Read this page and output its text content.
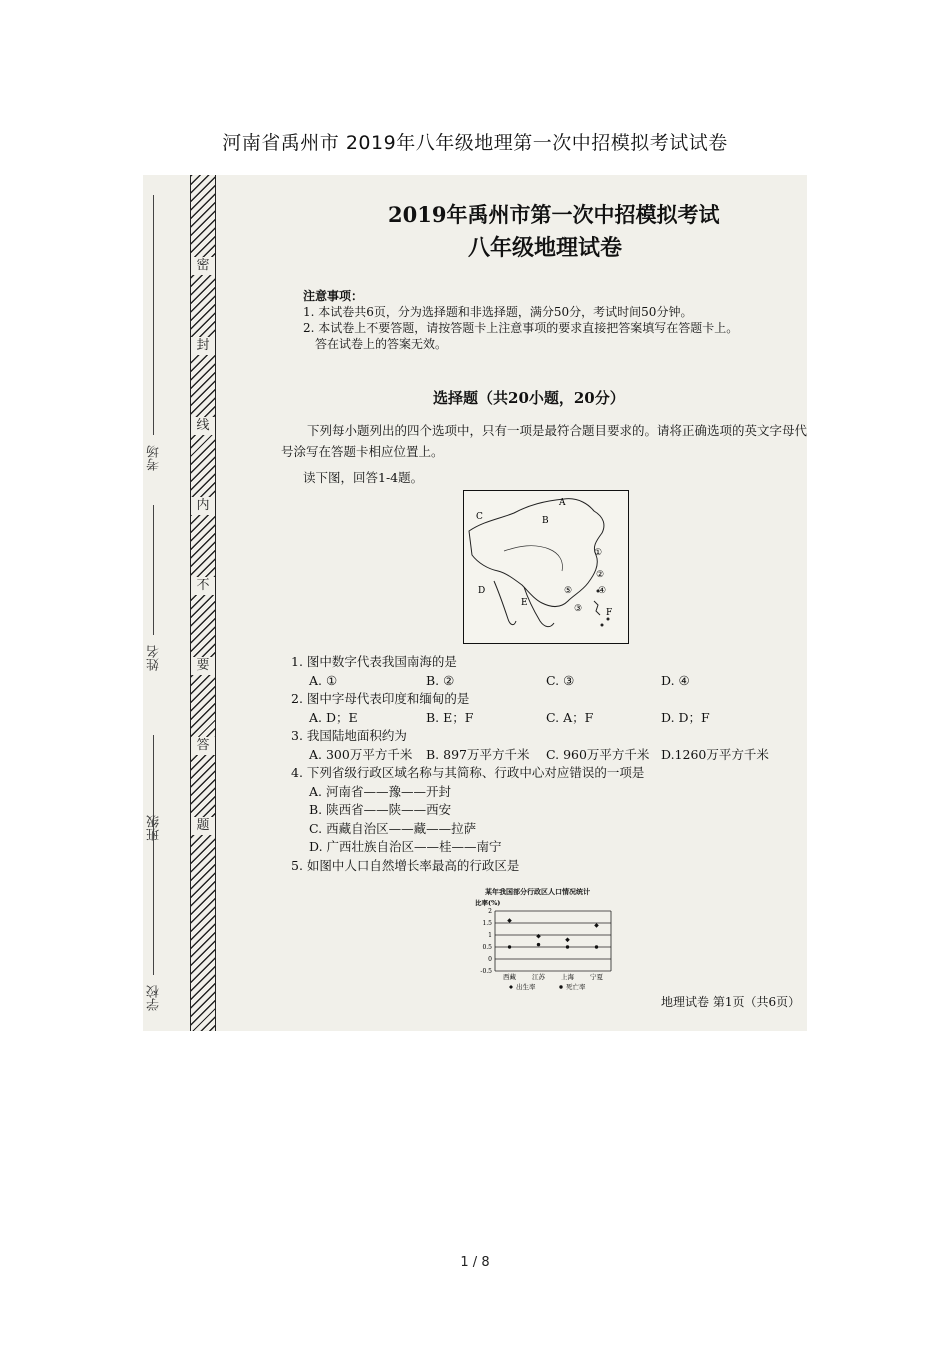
河南省禹州市 2019年八年级地理第一次中招模拟考试试卷
学校
班级
姓名
考场
密
封
线
内
不
要
答
题
2019年禹州市第一次中招模拟考试
八年级地理试卷
注意事项：
1. 本试卷共6页，分为选择题和非选择题，满分50分，考试时间50分钟。
2. 本试卷上不要答题，请按答题卡上注意事项的要求直接把答案填写在答题卡上。
答在试卷上的答案无效。
选择题（共20小题，20分）
下列每小题列出的四个选项中，只有一项是最符合题目要求的。请将正确选项的英文字母代号涂写在答题卡相应位置上。
读下图，回答1-4题。
A
B
C
D
E
F
①
②
③
④
⑤
1. 图中数字代表我国南海的是
A. ①	B. ②	C. ③	D. ④
2. 图中字母代表印度和缅甸的是
A. D；E	B. E；F	C. A；F	D. D；F
3. 我国陆地面积约为
A. 300万平方千米 B. 897万平方千米 C. 960万平方千米 D.1260万平方千米
4. 下列省级行政区域名称与其简称、行政中心对应错误的一项是
A. 河南省——豫——开封
B. 陕西省——陕——西安
C. 西藏自治区——藏——拉萨
D. 广西壮族自治区——桂——南宁
5. 如图中人口自然增长率最高的行政区是
某年我国部分行政区人口情况统计
比率(%)
2
1.5
1
0.5
0
-0.5
西藏 江苏 上海 宁夏
出生率	死亡率
地理试卷 第1页（共6页）
1 / 8
